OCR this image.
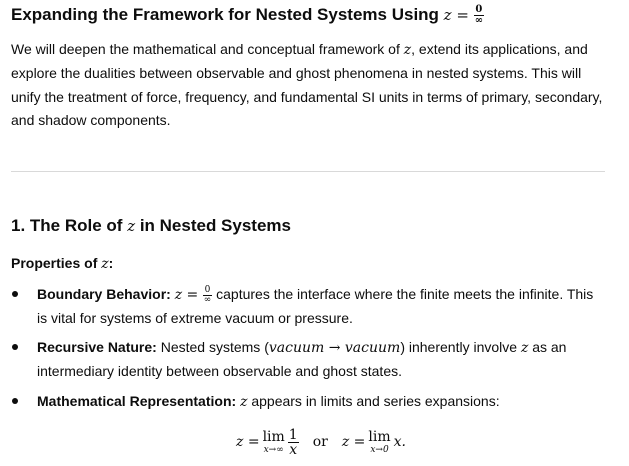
Expanding the Framework for Nested Systems Using $z = \frac{0}{\infty}$
We will deepen the mathematical and conceptual framework of z, extend its applications, and explore the dualities between observable and ghost phenomena in nested systems. This will unify the treatment of force, frequency, and fundamental SI units in terms of primary, secondary, and shadow components.
1. The Role of z in Nested Systems
Properties of z:
Boundary Behavior: $z = \frac{0}{\infty}$ captures the interface where the finite meets the infinite. This is vital for systems of extreme vacuum or pressure.
Recursive Nature: Nested systems (vacuum → vacuum) inherently involve z as an intermediary identity between observable and ghost states.
Mathematical Representation: z appears in limits and series expansions:
z = lim
$x\to\infty \frac{1}{x}$ or z = lim
x→0 x.
